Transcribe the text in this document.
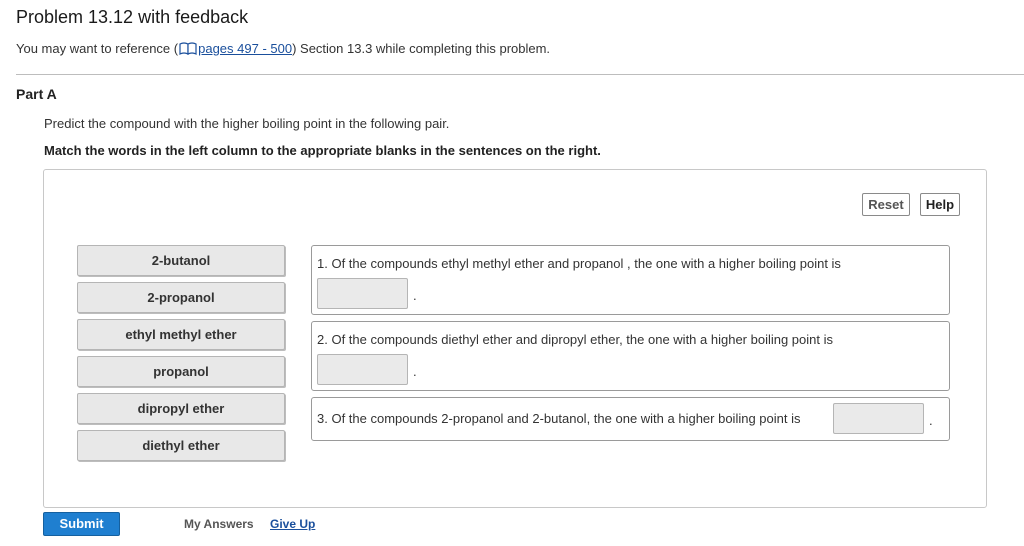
Problem 13.12 with feedback
You may want to reference ( pages 497 - 500) Section 13.3 while completing this problem.
Part A
Predict the compound with the higher boiling point in the following pair.
Match the words in the left column to the appropriate blanks in the sentences on the right.
Reset	Help
2-butanol
2-propanol
ethyl methyl ether
propanol
dipropyl ether
diethyl ether
1. Of the compounds ethyl methyl ether and propanol , the one with a higher boiling point is
.
2. Of the compounds diethyl ether and dipropyl ether, the one with a higher boiling point is
.
3. Of the compounds 2-propanol and 2-butanol, the one with a higher boiling point is	.
Submit	My Answers Give Up
